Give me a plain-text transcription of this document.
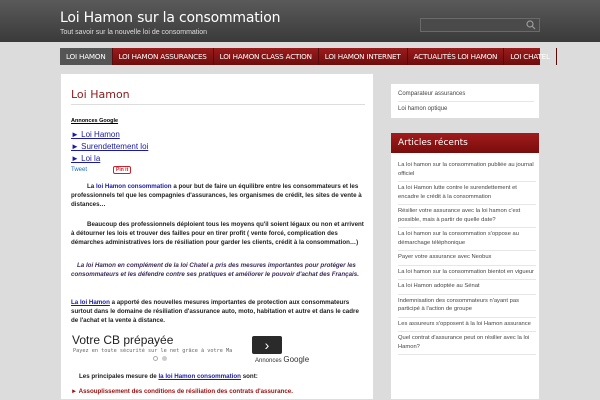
Loi Hamon sur la consommation
Tout savoir sur la nouvelle loi de consommation
LOI HAMON	LOI HAMON ASSURANCES	LOI HAMON CLASS ACTION	LOI HAMON INTERNET	ACTUALITÉS LOI HAMON	LOI CHATEL
Loi Hamon
Annonces Google
► Loi Hamon
► Surendettement loi
► Loi la
Tweet	Pin it
La loi Hamon consommation a pour but de faire un équilibre entre les consommateurs et les professionnels tel que les compagnies d'assurances, les organismes de crédit, les sites de vente à distances…
Beaucoup des professionnels déploient tous les moyens qu'il soient légaux ou non et arrivent à détourner les lois et trouver des failles pour en tirer profit ( vente forcé, complication des démarches administratives lors de résiliation pour garder les clients, crédit à la consommation…)
La loi Hamon en complément de la loi Chatel a pris des mesures importantes pour protéger les consommateurs et les défendre contre ses pratiques et améliorer le pouvoir d'achat des Français.
La loi Hamon a apporté des nouvelles mesures importantes de protection aux consommateurs surtout dans le domaine de résiliation d'assurance auto, moto, habitation et autre et dans le cadre de l'achat et la vente à distance.
Votre CB prépayée
Payez en toute sécurité sur le net grâce à votre Ma	›
Annonces Google
Les principales mesure de la loi Hamon consommation sont:
► Assouplissement des conditions de résiliation des contrats d'assurance.
Comparateur assurances
Loi hamon optique
Articles récents
La loi hamon sur la consommation publiée au journal officiel
La loi Hamon lutte contre le surendettement et encadre le crédit à la consommation
Résilier votre assurance avec la loi hamon c'est possible, mais à partir de quelle date?
La loi hamon sur la consommation s'oppose au démarchage téléphonique
Payer votre assurance avec Neobux
La loi hamon sur la consommation bientot en vigueur
La loi Hamon adoptée au Sénat
Indemnisation des consommateurs n'ayant pas participé à l'action de groupe
Les assureurs s'opposent à la loi Hamon assurance
Quel contrat d'assurance peut on résilier avec la loi Hamon?
